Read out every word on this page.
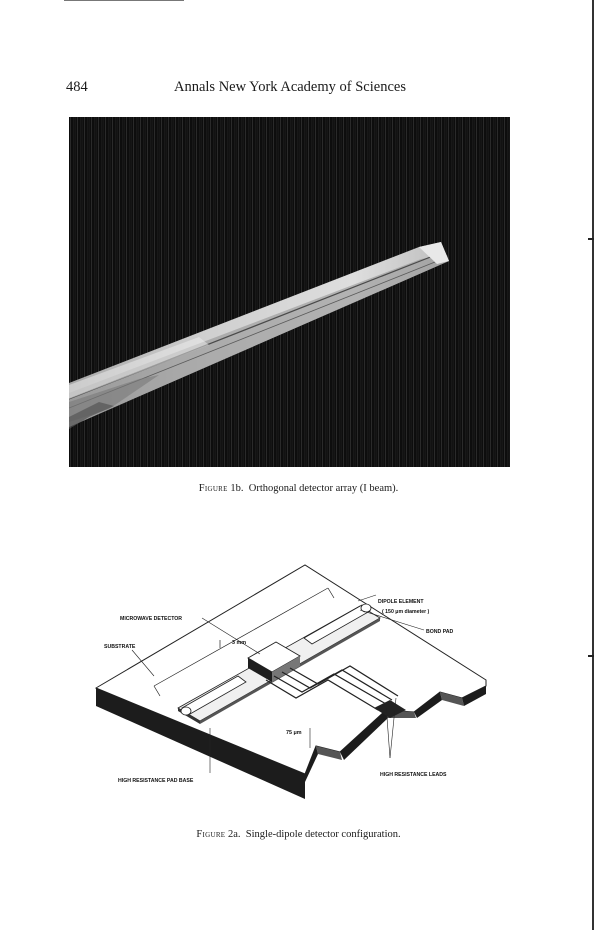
484	Annals New York Academy of Sciences
Figure 1b. Orthogonal detector array (I beam).
DIPOLE ELEMENT
( 150 μm diameter )
BOND PAD
MICROWAVE DETECTOR
SUBSTRATE
3 mm
75 μm
HIGH RESISTANCE LEADS
HIGH RESISTANCE PAD BASE
Figure 2a. Single-dipole detector configuration.
